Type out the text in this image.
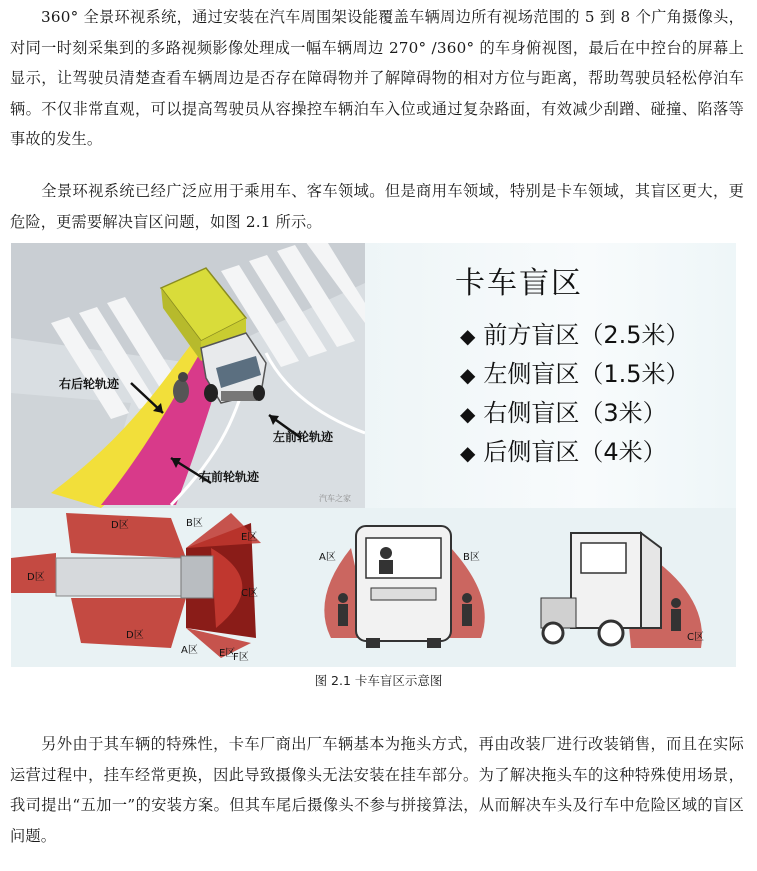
360° 全景环视系统，通过安装在汽车周围架设能覆盖车辆周边所有视场范围的 5 到 8 个广角摄像头，对同一时刻采集到的多路视频影像处理成一幅车辆周边 270° /360° 的车身俯视图，最后在中控台的屏幕上显示，让驾驶员清楚查看车辆周边是否存在障碍物并了解障碍物的相对方位与距离，帮助驾驶员轻松停泊车辆。不仅非常直观，可以提高驾驶员从容操控车辆泊车入位或通过复杂路面，有效减少刮蹭、碰撞、陷落等事故的发生。

全景环视系统已经广泛应用于乘用车、客车领域。但是商用车领域，特别是卡车领域，其盲区更大，更危险，更需要解决盲区问题，如图 2.1 所示。

右后轮轨迹
左前轮轨迹
右前轮轨迹
汽车之家
卡车盲区
◆ 前方盲区（2.5米）
◆ 左侧盲区（1.5米）
◆ 右侧盲区（3米）
◆ 后侧盲区（4米）
D区	B区
E区
D区
C区
D区
A区 E区
F区
A区	B区
C区
图 2.1 卡车盲区示意图

另外由于其车辆的特殊性，卡车厂商出厂车辆基本为拖头方式，再由改装厂进行改装销售，而且在实际运营过程中，挂车经常更换，因此导致摄像头无法安装在挂车部分。为了解决拖头车的这种特殊使用场景，我司提出“五加一”的安装方案。但其车尾后摄像头不参与拼接算法，从而解决车头及行车中危险区域的盲区问题。
